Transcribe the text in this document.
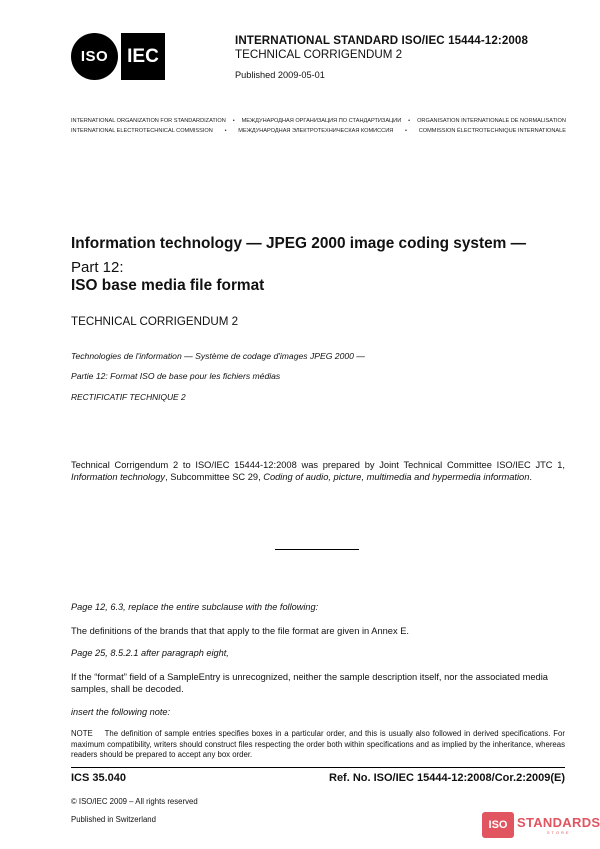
ISO IEC
INTERNATIONAL STANDARD ISO/IEC 15444-12:2008
TECHNICAL CORRIGENDUM 2
Published 2009-05-01
INTERNATIONAL ORGANIZATION FOR STANDARDIZATION • МЕЖДУНАРОДНАЯ ОРГАНИЗАЦИЯ ПО СТАНДАРТИЗАЦИИ • ORGANISATION INTERNATIONALE DE NORMALISATION
INTERNATIONAL ELECTROTECHNICAL COMMISSION • МЕЖДУНАРОДНАЯ ЭЛЕКТРОТЕХНИЧЕСКАЯ КОМИССИЯ • COMMISSION ÉLECTROTECHNIQUE INTERNATIONALE
Information technology — JPEG 2000 image coding system —
Part 12:
ISO base media file format
TECHNICAL CORRIGENDUM 2
Technologies de l'information — Système de codage d'images JPEG 2000 —
Partie 12: Format ISO de base pour les fichiers médias
RECTIFICATIF TECHNIQUE 2
Technical Corrigendum 2 to ISO/IEC 15444-12:2008 was prepared by Joint Technical Committee ISO/IEC JTC 1, Information technology, Subcommittee SC 29, Coding of audio, picture, multimedia and hypermedia information.
Page 12, 6.3, replace the entire subclause with the following:
The definitions of the brands that that apply to the file format are given in Annex E.
Page 25, 8.5.2.1 after paragraph eight,
If the “format” field of a SampleEntry is unrecognized, neither the sample description itself, nor the associated media samples, shall be decoded.
insert the following note:
NOTE The definition of sample entries specifies boxes in a particular order, and this is usually also followed in derived specifications. For maximum compatibility, writers should construct files respecting the order both within specifications and as implied by the inheritance, whereas readers should be prepared to accept any box order.
ICS 35.040	Ref. No. ISO/IEC 15444-12:2008/Cor.2:2009(E)
© ISO/IEC 2009 – All rights reserved
Published in Switzerland	ISO STANDARDS
STORE
